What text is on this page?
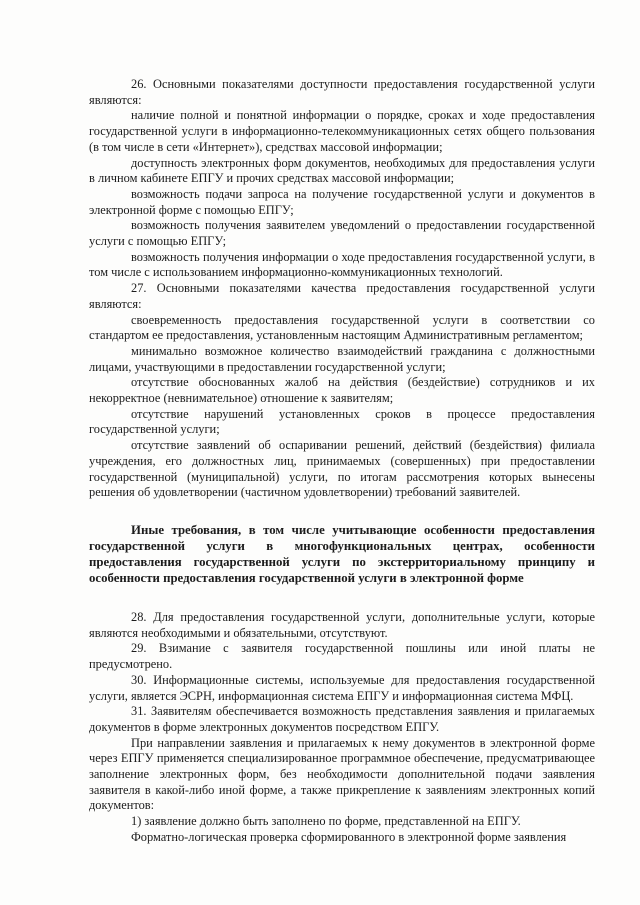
26. Основными показателями доступности предоставления государственной услуги являются:

наличие полной и понятной информации о порядке, сроках и ходе предоставления государственной услуги в информационно-телекоммуникационных сетях общего пользования (в том числе в сети «Интернет»), средствах массовой информации;

доступность электронных форм документов, необходимых для предоставления услуги в личном кабинете ЕПГУ и прочих средствах массовой информации;

возможность подачи запроса на получение государственной услуги и документов в электронной форме с помощью ЕПГУ;

возможность получения заявителем уведомлений о предоставлении государственной услуги с помощью ЕПГУ;

возможность получения информации о ходе предоставления государственной услуги, в том числе с использованием информационно-коммуникационных технологий.

27. Основными показателями качества предоставления государственной услуги являются:

своевременность предоставления государственной услуги в соответствии со стандартом ее предоставления, установленным настоящим Административным регламентом;

минимально возможное количество взаимодействий гражданина с должностными лицами, участвующими в предоставлении государственной услуги;

отсутствие обоснованных жалоб на действия (бездействие) сотрудников и их некорректное (невнимательное) отношение к заявителям;

отсутствие нарушений установленных сроков в процессе предоставления государственной услуги;

отсутствие заявлений об оспаривании решений, действий (бездействия) филиала учреждения, его должностных лиц, принимаемых (совершенных) при предоставлении государственной (муниципальной) услуги, по итогам рассмотрения которых вынесены решения об удовлетворении (частичном удовлетворении) требований заявителей.

Иные требования, в том числе учитывающие особенности предоставления государственной услуги в многофункциональных центрах, особенности предоставления государственной услуги по экстерриториальному принципу и особенности предоставления государственной услуги в электронной форме

28. Для предоставления государственной услуги, дополнительные услуги, которые являются необходимыми и обязательными, отсутствуют.

29. Взимание с заявителя государственной пошлины или иной платы не предусмотрено.

30. Информационные системы, используемые для предоставления государственной услуги, является ЭСРН, информационная система ЕПГУ и информационная система МФЦ.

31. Заявителям обеспечивается возможность представления заявления и прилагаемых документов в форме электронных документов посредством ЕПГУ.

При направлении заявления и прилагаемых к нему документов в электронной форме через ЕПГУ применяется специализированное программное обеспечение, предусматривающее заполнение электронных форм, без необходимости дополнительной подачи заявления заявителя в какой-либо иной форме, а также прикрепление к заявлениям электронных копий документов:

1) заявление должно быть заполнено по форме, представленной на ЕПГУ.

Форматно-логическая проверка сформированного в электронной форме заявления
